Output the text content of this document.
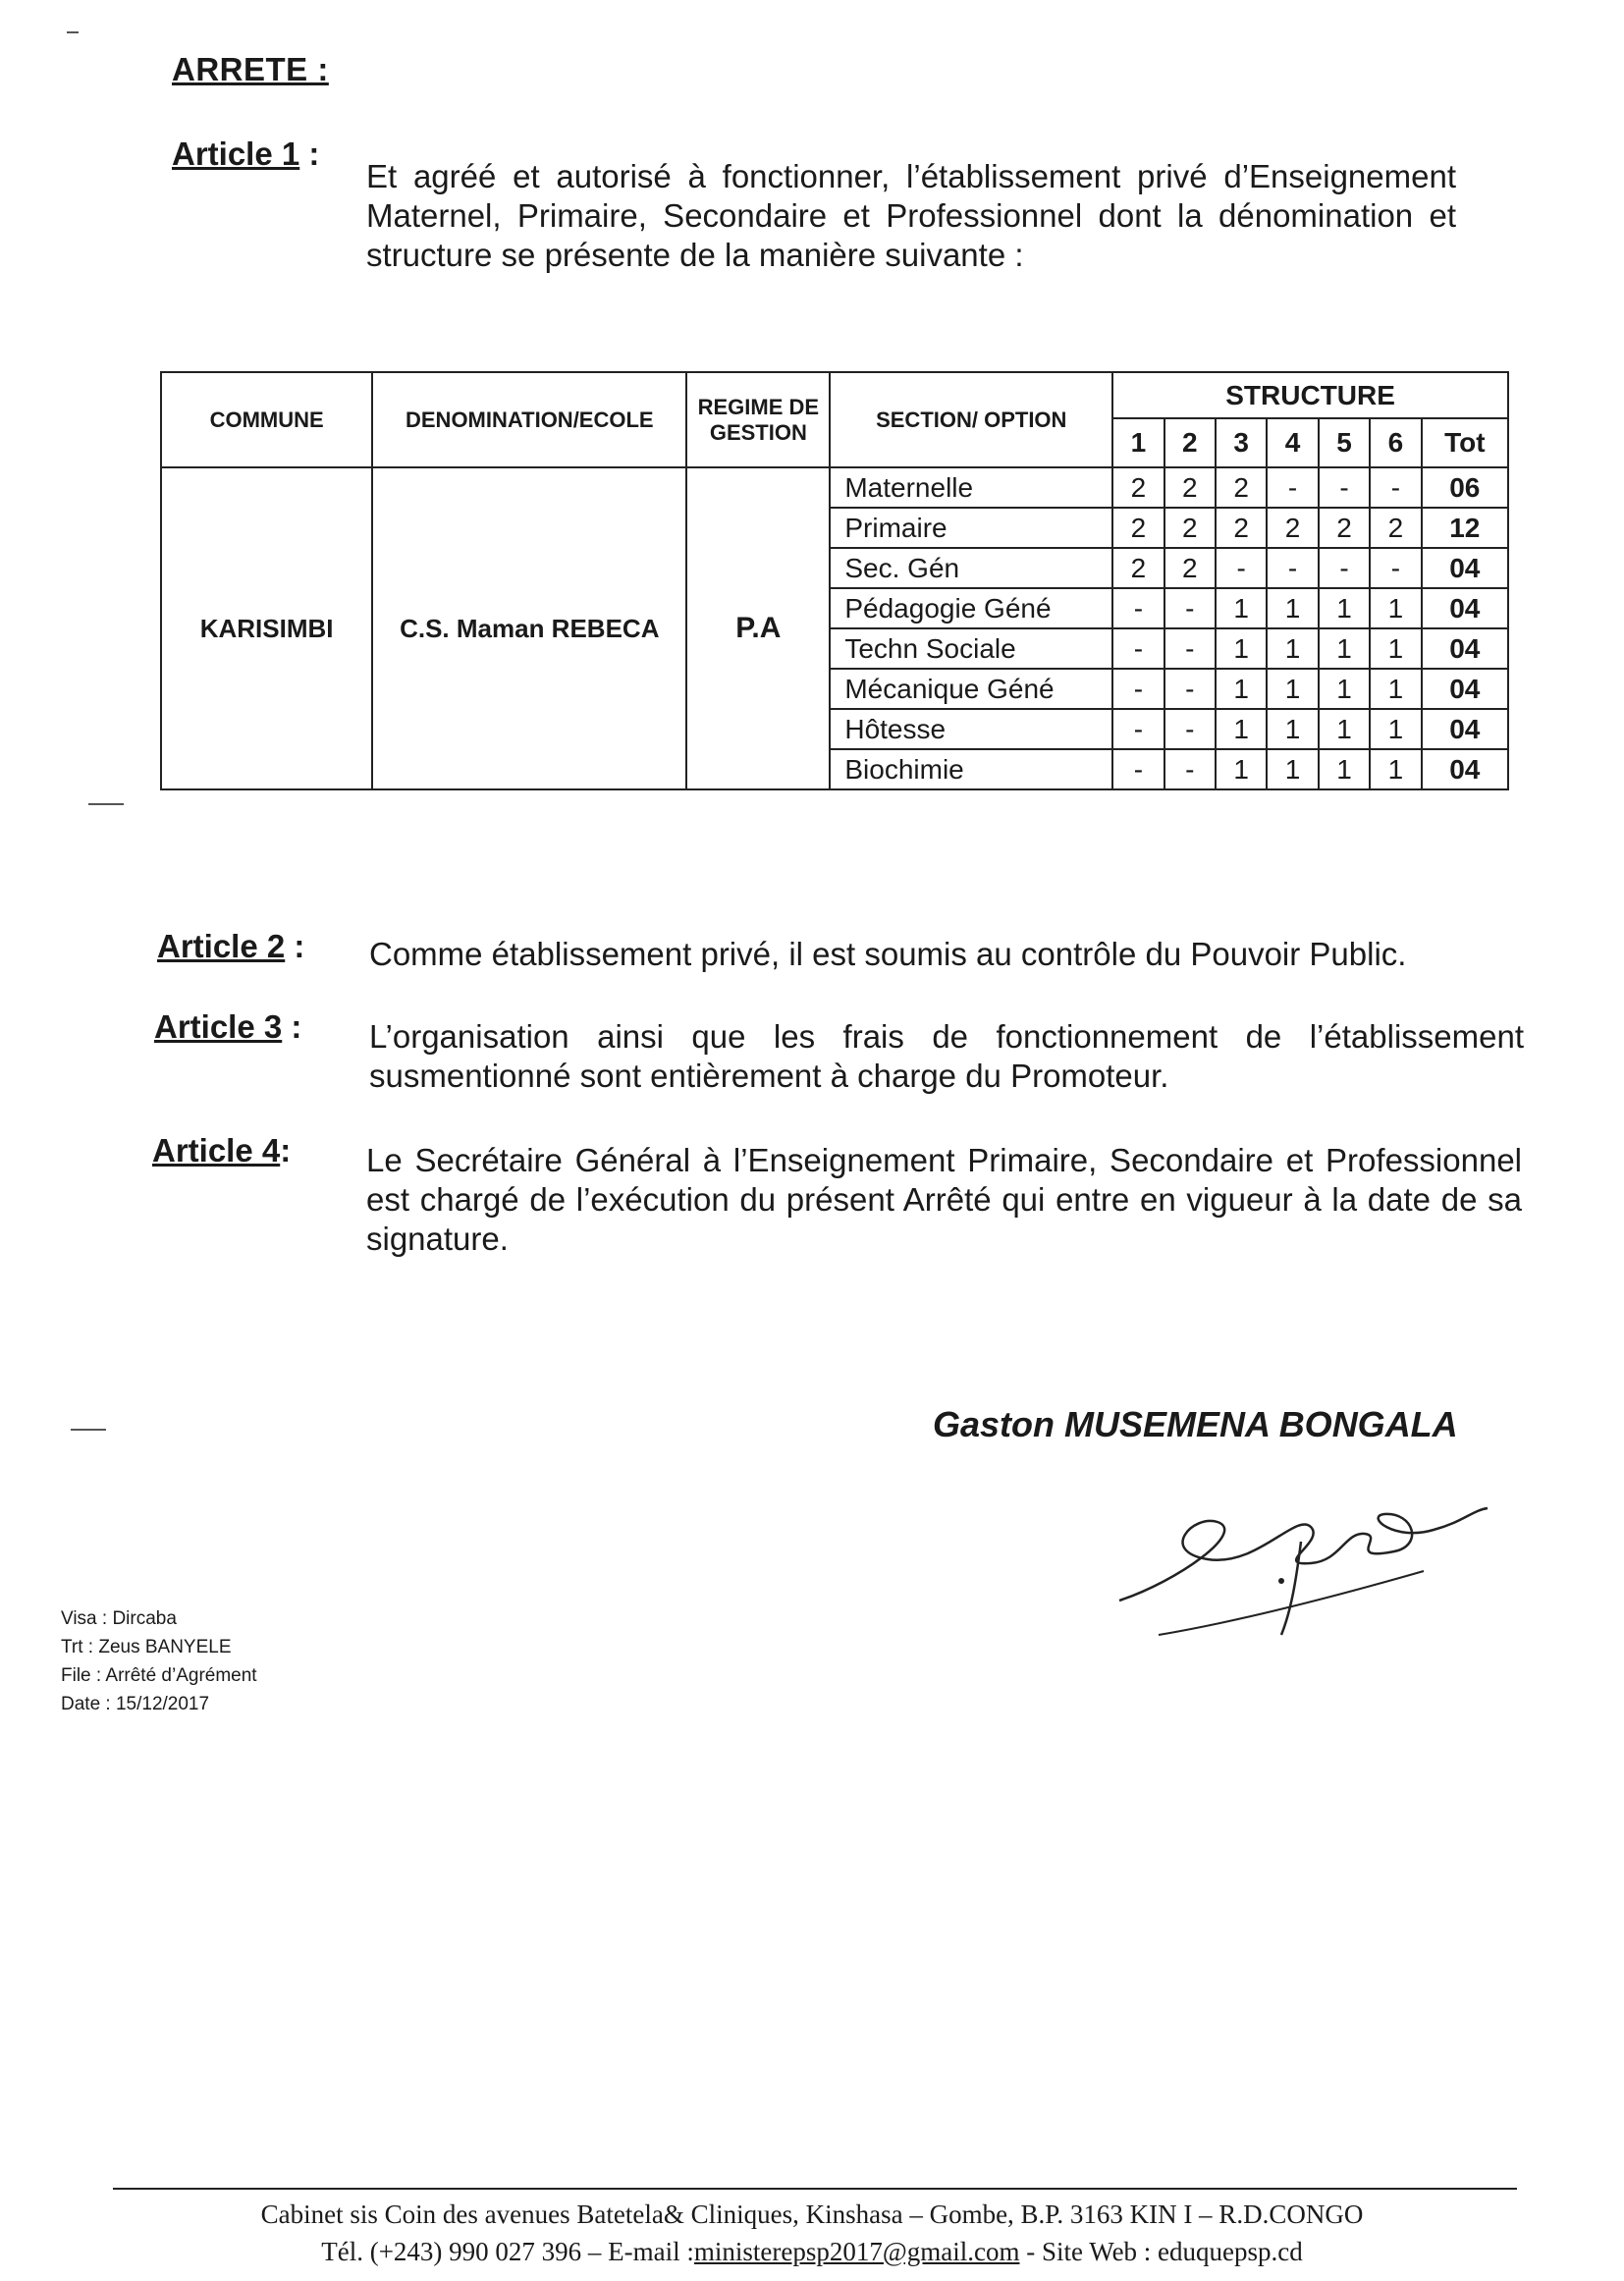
ARRETE :
Article 1 :
Et agréé et autorisé à fonctionner, l’établissement privé d’Enseignement Maternel, Primaire, Secondaire et Professionnel dont la dénomination et structure se présente de la manière suivante :
COMMUNE	DENOMINATION/ECOLE	REGIME DE GESTION	SECTION/ OPTION	STRUCTURE						
				1	2	3	4	5	6	Tot
KARISIMBI	C.S. Maman REBECA	P.A	Maternelle	2	2	2	-	-	-	06
			Primaire	2	2	2	2	2	2	12
			Sec. Gén	2	2	-	-	-	-	04
			Pédagogie Géné	-	-	1	1	1	1	04
			Techn Sociale	-	-	1	1	1	1	04
			Mécanique Géné	-	-	1	1	1	1	04
			Hôtesse	-	-	1	1	1	1	04
			Biochimie	-	-	1	1	1	1	04
Article 2 : Comme établissement privé, il est soumis au contrôle du Pouvoir Public.
Article 3 : L’organisation ainsi que les frais de fonctionnement de l’établissement susmentionné sont entièrement à charge du Promoteur.
Article 4: Le Secrétaire Général à l’Enseignement Primaire, Secondaire et Professionnel est chargé de l’exécution du présent Arrêté qui entre en vigueur à la date de sa signature.
Gaston MUSEMENA BONGALA
Visa : Dircaba
Trt : Zeus BANYELE
File : Arrêté d’Agrément
Date : 15/12/2017
Cabinet sis Coin des avenues Batetela& Cliniques, Kinshasa – Gombe, B.P. 3163 KIN I – R.D.CONGO
Tél. (+243) 990 027 396 – E-mail :ministerepsp2017@gmail.com - Site Web : eduquepsp.cd
